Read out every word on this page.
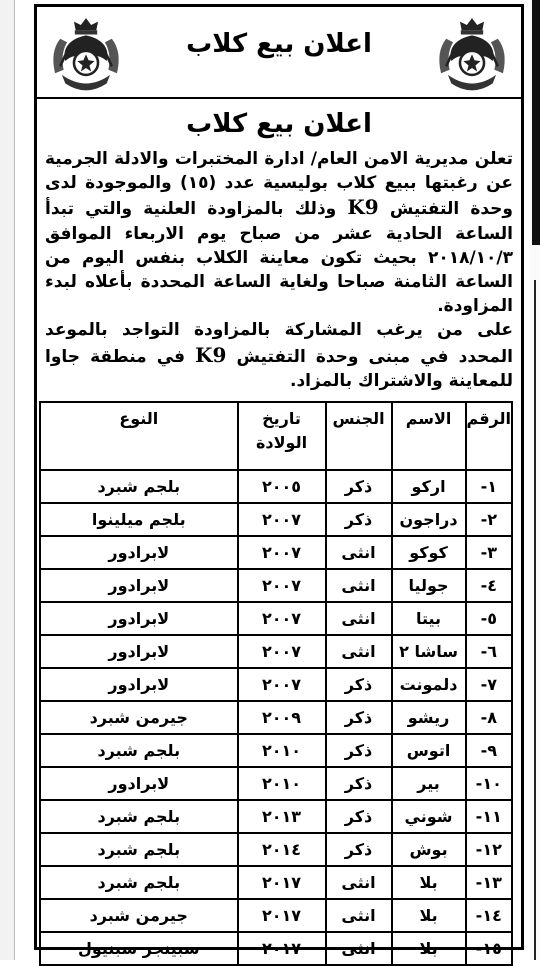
اعلان بيع كلاب
اعلان بيع كلاب

تعلن مديرية الامن العام/ ادارة المختبرات والادلة الجرمية عن رغبتها ببيع كلاب بوليسية عدد (١٥) والموجودة لدى وحدة التفتيش K9 وذلك بالمزاودة العلنية والتي تبدأ الساعة الحادية عشر من صباح يوم الاربعاء الموافق ٢٠١٨/١٠/٣ بحيث تكون معاينة الكلاب بنفس اليوم من الساعة الثامنة صباحا ولغاية الساعة المحددة بأعلاه لبدء المزاودة.

على من يرغب المشاركة بالمزاودة التواجد بالموعد المحدد في مبنى وحدة التفتيش K9 في منطقة جاوا للمعاينة والاشتراك بالمزاد.

الرقم	الاسم	الجنس	تاريخ الولادة	النوع
١-	اركو	ذكر	٢٠٠٥	بلجم شبرد
٢-	دراجون	ذكر	٢٠٠٧	بلجم ميلينوا
٣-	كوكو	انثى	٢٠٠٧	لابرادور
٤-	جوليا	انثى	٢٠٠٧	لابرادور
٥-	بيتا	انثى	٢٠٠٧	لابرادور
٦-	ساشا ٢	انثى	٢٠٠٧	لابرادور
٧-	دلمونت	ذكر	٢٠٠٧	لابرادور
٨-	ريشو	ذكر	٢٠٠٩	جيرمن شبرد
٩-	اتوس	ذكر	٢٠١٠	بلجم شبرد
١٠-	بير	ذكر	٢٠١٠	لابرادور
١١-	شوني	ذكر	٢٠١٣	بلجم شبرد
١٢-	بوش	ذكر	٢٠١٤	بلجم شبرد
١٣-	بلا	انثى	٢٠١٧	بلجم شبرد
١٤-	بلا	انثى	٢٠١٧	جيرمن شبرد
١٥-	بلا	انثى	٢٠١٧	سبينجر سبنيول
